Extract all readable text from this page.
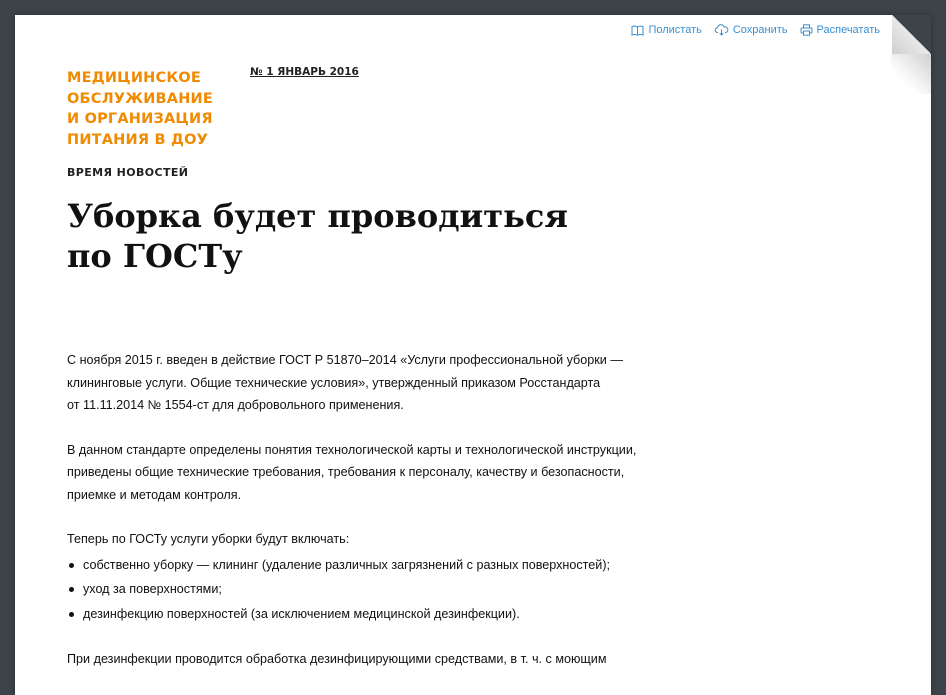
Полистать	Сохранить	Распечатать
МЕДИЦИНСКОЕ
ОБСЛУЖИВАНИЕ
И ОРГАНИЗАЦИЯ
ПИТАНИЯ В ДОУ
№ 1 ЯНВАРЬ 2016
ВРЕМЯ НОВОСТЕЙ
Уборка будет проводиться
по ГОСТу

С ноября 2015 г. введен в действие ГОСТ Р 51870–2014 «Услуги профессиональной уборки —
клининговые услуги. Общие технические условия», утвержденный приказом Росстандарта
от 11.11.2014 № 1554-ст для добровольного применения.

В данном стандарте определены понятия технологической карты и технологической инструкции,
приведены общие технические требования, требования к персоналу, качеству и безопасности,
приемке и методам контроля.

Теперь по ГОСТу услуги уборки будут включать:

собственно уборку — клининг (удаление различных загрязнений с разных поверхностей);
уход за поверхностями;
дезинфекцию поверхностей (за исключением медицинской дезинфекции).

При дезинфекции проводится обработка дезинфицирующими средствами, в т. ч. с моющим
